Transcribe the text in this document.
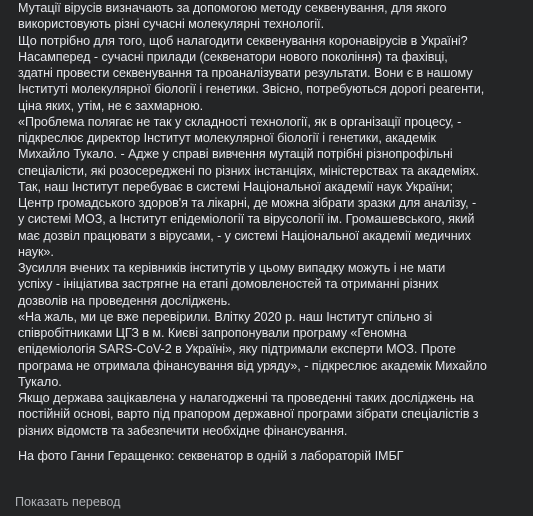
Мутації вірусів визначають за допомогою методу секвенування, для якого
використовують різні сучасні молекулярні технології.

Що потрібно для того, щоб налагодити секвенування коронавірусів в Україні?

Насамперед - сучасні прилади (секвенатори нового покоління) та фахівці,
здатні провести секвенування та проаналізувати результати. Вони є в нашому
Інституті молекулярної біології і генетики. Звісно, потребуються дорогі реагенти,
ціна яких, утім, не є захмарною.

«Проблема полягає не так у складності технології, як в організації процесу, -
підкреслює директор Інститут молекулярної біології і генетики, академік
Михайло Тукало. - Адже у справі вивчення мутацій потрібні різнопрофільні
спеціалісти, які розосереджені по різних інстанціях, міністерствах та академіях.
Так, наш Інститут перебуває в системі Національної академії наук України;
Центр громадського здоров'я та лікарні, де можна зібрати зразки для аналізу, -
у системі МОЗ, а Інститут епідеміології та вірусології ім. Громашевського, який
має дозвіл працювати з вірусами, - у системі Національної академії медичних
наук».

Зусилля вчених та керівників інститутів у цьому випадку можуть і не мати
успіху - ініціатива застрягне на етапі домовленостей та отриманні різних
дозволів на проведення досліджень.

«На жаль, ми це вже перевірили. Влітку 2020 р. наш Інститут спільно зі
співробітниками ЦГЗ в м. Києві запропонували програму «Геномна
епідеміологія SARS-CoV-2 в Україні», яку підтримали експерти МОЗ. Проте
програма не отримала фінансування від уряду», - підкреслює академік Михайло
Тукало.

Якщо держава зацікавлена у налагодженні та проведенні таких досліджень на
постійній основі, варто під прапором державної програми зібрати спеціалістів з
різних відомств та забезпечити необхідне фінансування.

На фото Ганни Геращенко: секвенатор в одній з лабораторій ІМБГ

Показать перевод
